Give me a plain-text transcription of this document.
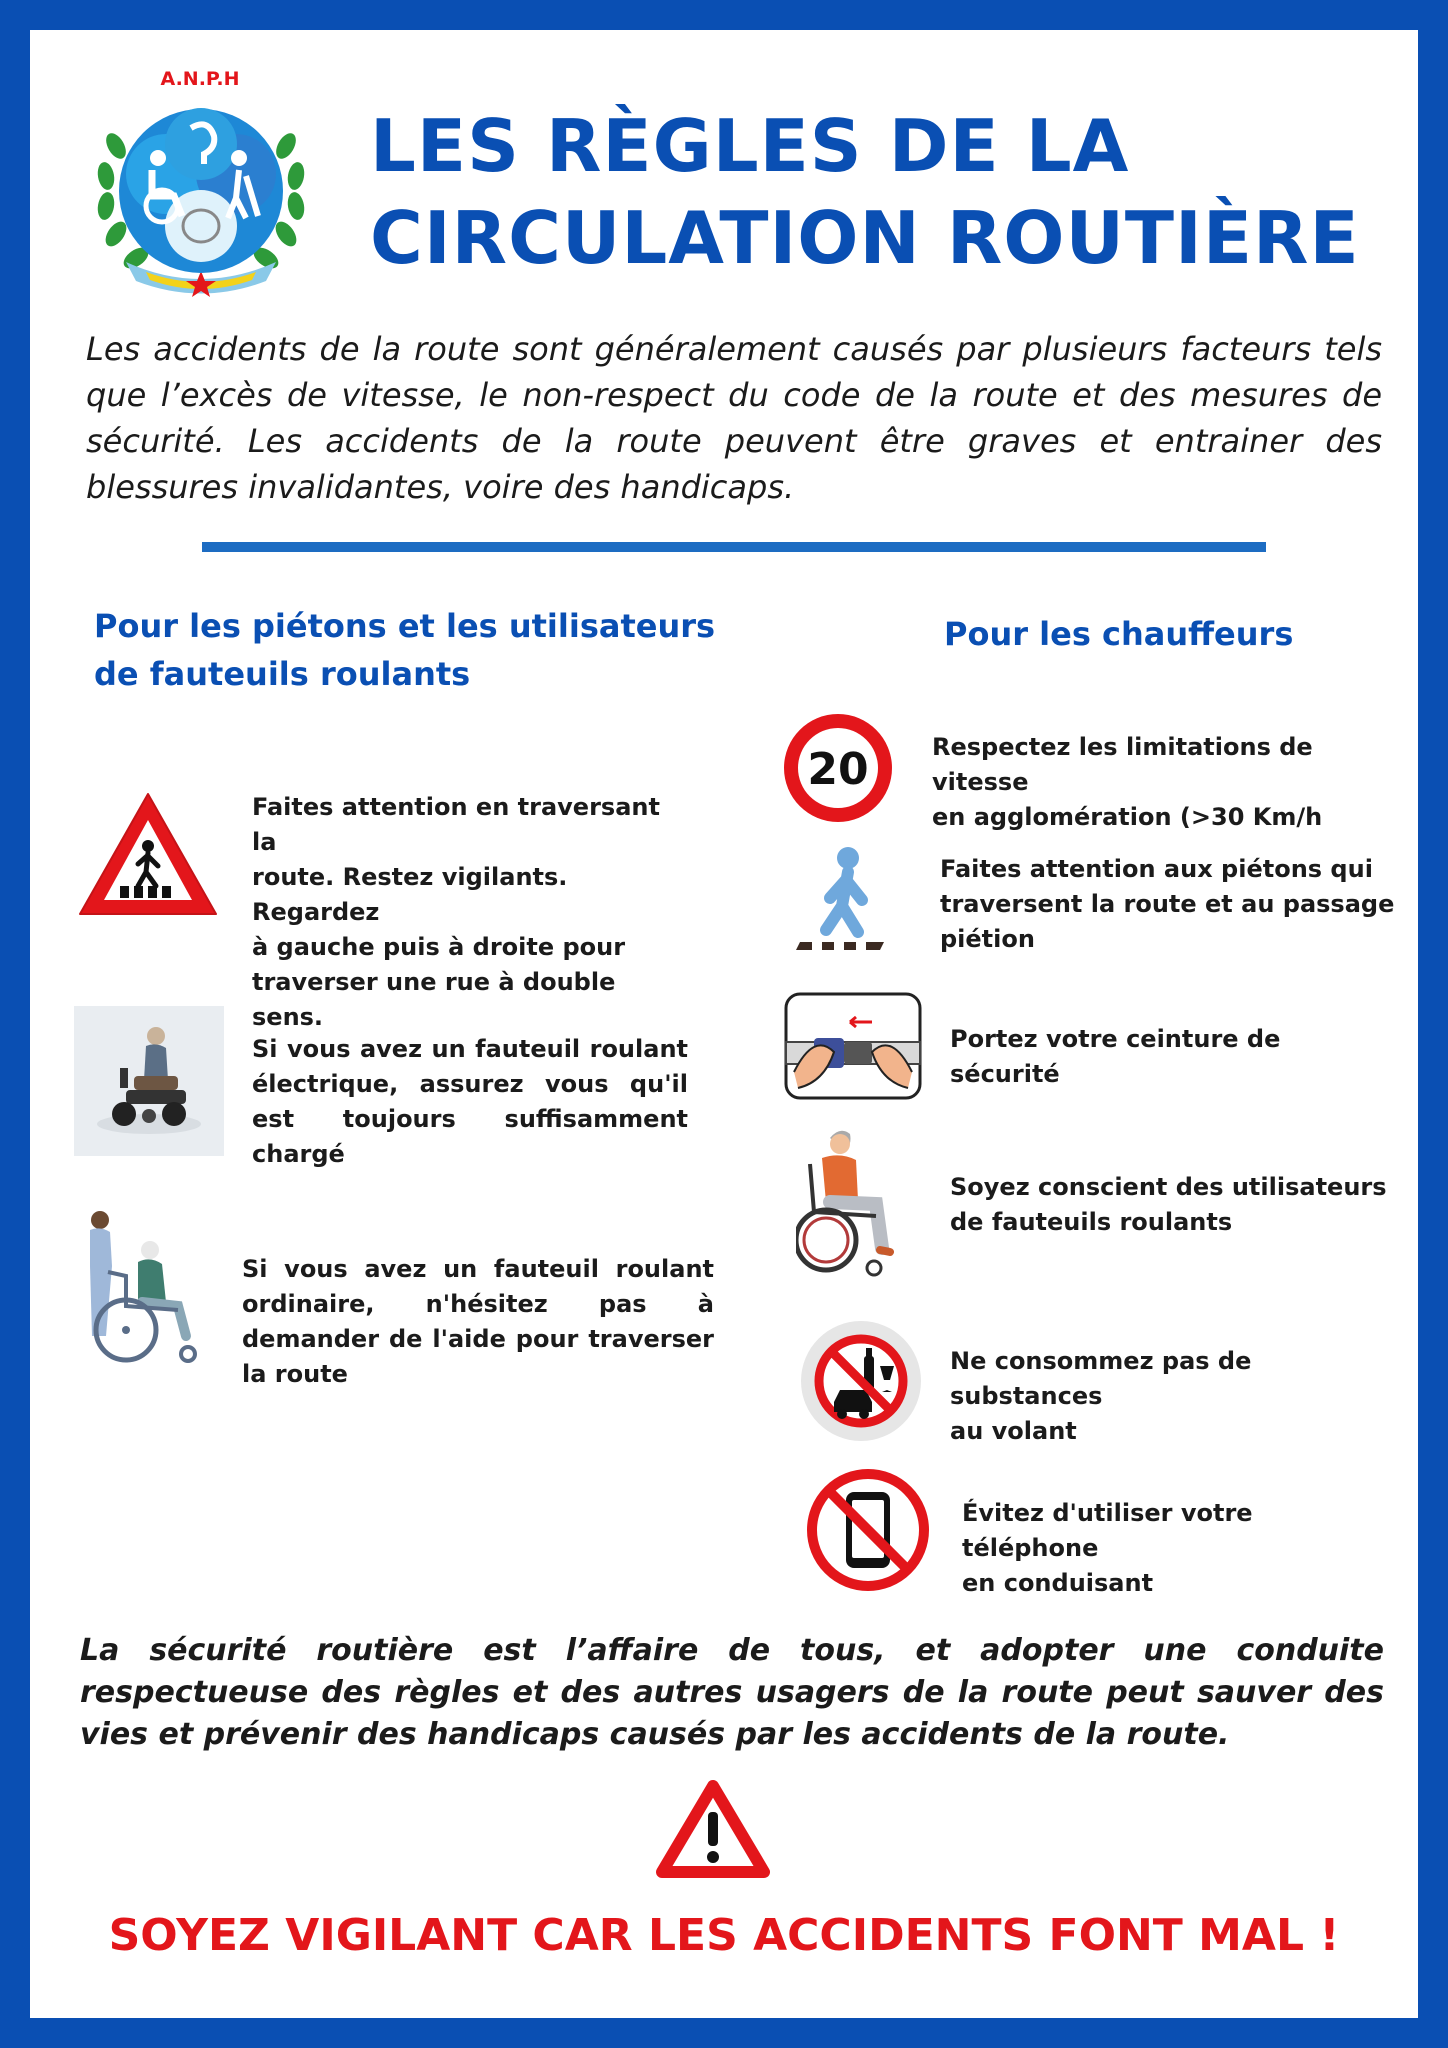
A.N.P.H
LES RÈGLES DE LA
CIRCULATION ROUTIÈRE
Les accidents de la route sont généralement causés par plusieurs facteurs tels que l’excès de vitesse, le non-respect du code de la route et des mesures de sécurité. Les accidents de la route peuvent être graves et entrainer des blessures invalidantes, voire des handicaps.
Pour les piétons et les utilisateurs
de fauteuils roulants
Faites attention en traversant la
route. Restez vigilants. Regardez
à gauche puis à droite pour
traverser une rue à double sens.
Si vous avez un fauteuil roulant électrique, assurez vous qu'il est toujours suffisamment chargé
Si vous avez un fauteuil roulant ordinaire, n'hésitez pas à demander de l'aide pour traverser la route
Pour les chauffeurs
20	Respectez les limitations de vitesse
en agglomération (>30 Km/h
Faites attention aux piétons qui
traversent la route et au passage
piétion
Portez votre ceinture de sécurité
Soyez conscient des utilisateurs
de fauteuils roulants
Ne consommez pas de substances
au volant
Évitez d'utiliser votre téléphone
en conduisant
La sécurité routière est l’affaire de tous, et adopter une conduite respectueuse des règles et des autres usagers de la route peut sauver des vies et prévenir des handicaps causés par les accidents de la route.
SOYEZ VIGILANT CAR LES ACCIDENTS FONT MAL !
